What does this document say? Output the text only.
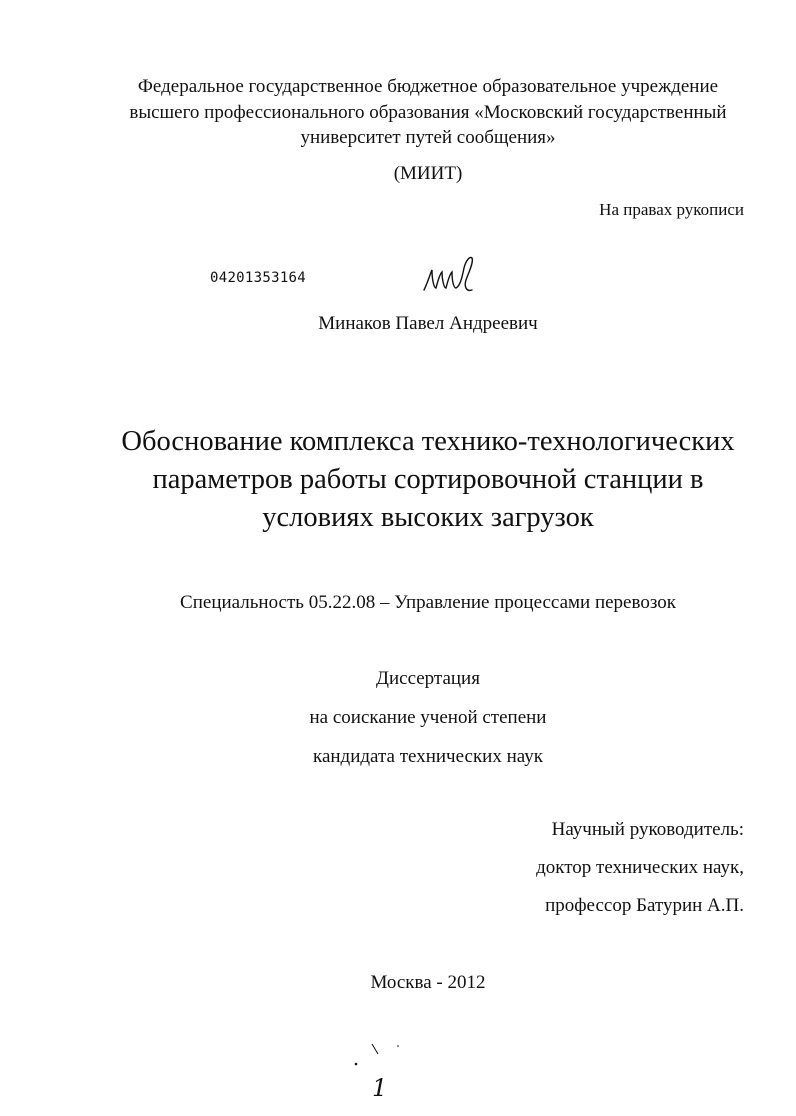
Федеральное государственное бюджетное образовательное учреждение
высшего профессионального образования «Московский государственный
университет путей сообщения»
(МИИТ)
На правах рукописи
04201353164
Минаков Павел Андреевич
Обоснование комплекса технико-технологических
параметров работы сортировочной станции в
условиях высоких загрузок
Специальность 05.22.08 – Управление процессами перевозок
Диссертация
на соискание ученой степени
кандидата технических наук
Научный руководитель:
доктор технических наук,
профессор Батурин А.П.
Москва - 2012
1
